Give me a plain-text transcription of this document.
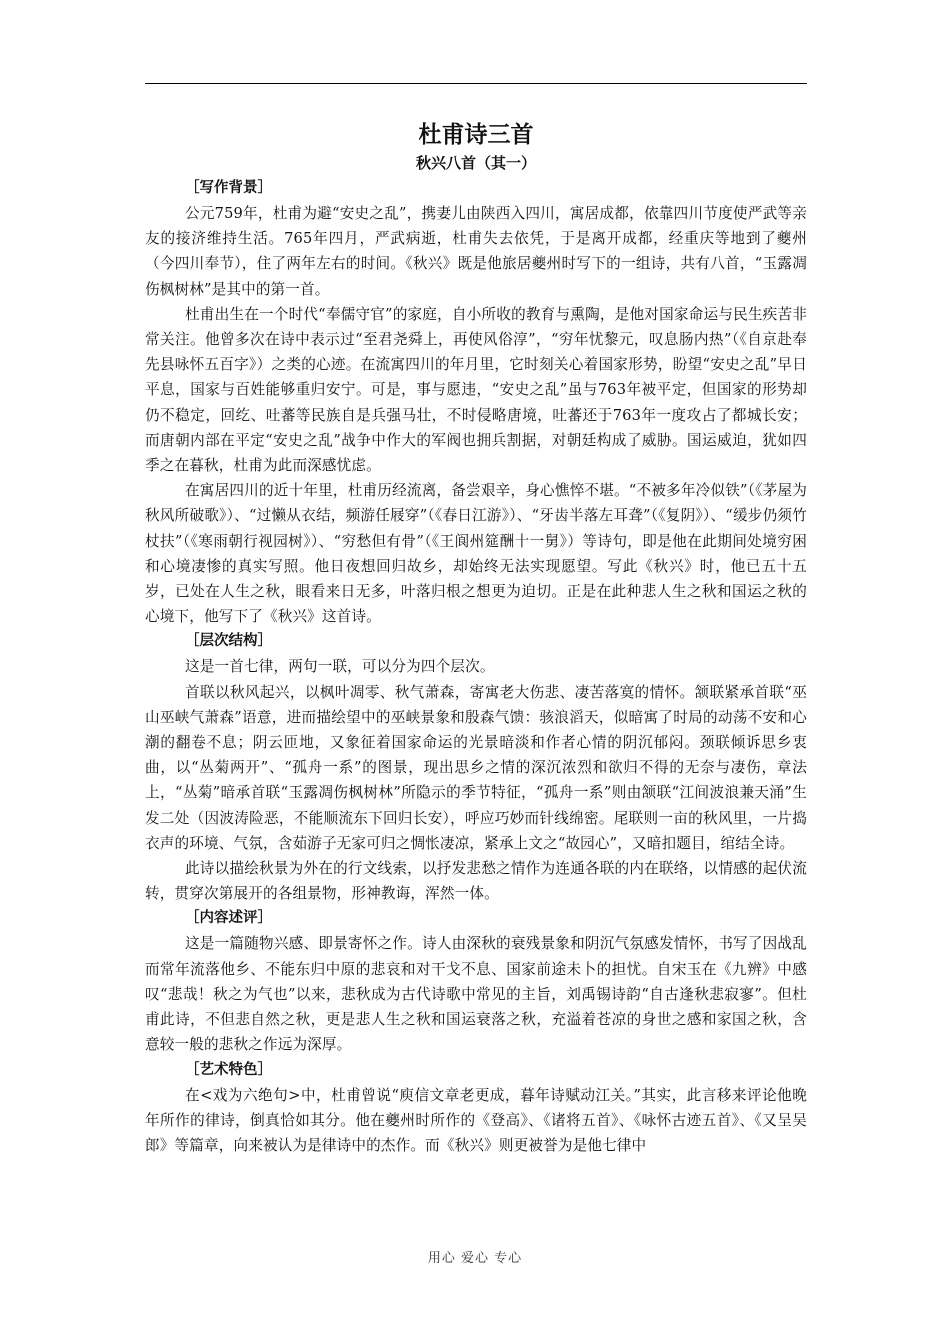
杜甫诗三首
秋兴八首（其一）

［写作背景］

公元759年，杜甫为避“安史之乱”，携妻儿由陕西入四川，寓居成都，依靠四川节度使严武等亲友的接济维持生活。765年四月，严武病逝，杜甫失去依凭，于是离开成都，经重庆等地到了夔州（今四川奉节），住了两年左右的时间。《秋兴》既是他旅居夔州时写下的一组诗，共有八首，“玉露凋伤枫树林”是其中的第一首。

杜甫出生在一个时代“奉儒守官”的家庭，自小所收的教育与熏陶，是他对国家命运与民生疾苦非常关注。他曾多次在诗中表示过“至君尧舜上，再使风俗淳”，“穷年忧黎元，叹息肠内热”（《自京赴奉先县咏怀五百字》）之类的心迹。在流寓四川的年月里，它时刻关心着国家形势，盼望“安史之乱”早日平息，国家与百姓能够重归安宁。可是，事与愿违，“安史之乱”虽与763年被平定，但国家的形势却仍不稳定，回纥、吐蕃等民族自是兵强马壮，不时侵略唐境，吐蕃还于763年一度攻占了都城长安；而唐朝内部在平定“安史之乱”战争中作大的军阀也拥兵割据，对朝廷构成了威胁。国运威迫，犹如四季之在暮秋，杜甫为此而深感忧虑。

在寓居四川的近十年里，杜甫历经流离，备尝艰辛，身心憔悴不堪。“不被多年冷似铁”（《茅屋为秋风所破歌》）、“过懒从衣结，频游任屐穿”（《春日江游》）、“牙齿半落左耳聋”（《复阴》）、“缓步仍须竹杖扶”（《寒雨朝行视园树》）、“穷愁但有骨”（《王阆州筵酬十一舅》）等诗句，即是他在此期间处境穷困和心境凄惨的真实写照。他日夜想回归故乡，却始终无法实现愿望。写此《秋兴》时，他已五十五岁，已处在人生之秋，眼看来日无多，叶落归根之想更为迫切。正是在此种悲人生之秋和国运之秋的心境下，他写下了《秋兴》这首诗。

［层次结构］

这是一首七律，两句一联，可以分为四个层次。

首联以秋风起兴，以枫叶凋零、秋气萧森，寄寓老大伤悲、凄苦落寞的情怀。颔联紧承首联“巫山巫峡气萧森”语意，进而描绘望中的巫峡景象和殷森气馈：骇浪滔天，似暗寓了时局的动荡不安和心潮的翻卷不息；阴云匝地，又象征着国家命运的光景暗淡和作者心情的阴沉郁闷。颈联倾诉思乡衷曲，以“丛菊两开”、“孤舟一系”的图景，现出思乡之情的深沉浓烈和欲归不得的无奈与凄伤，章法上，“丛菊”暗承首联“玉露凋伤枫树林”所隐示的季节特征，“孤舟一系”则由颔联“江间波浪兼天涌”生发二处（因波涛险恶，不能顺流东下回归长安），呼应巧妙而针线绵密。尾联则一亩的秋风里，一片捣衣声的环境、气氛，含茹游子无家可归之惆怅凄凉，紧承上文之“故园心”，又暗扣题目，绾结全诗。

此诗以描绘秋景为外在的行文线索，以抒发悲愁之情作为连通各联的内在联络，以情感的起伏流转，贯穿次第展开的各组景物，形神教诲，浑然一体。

［内容述评］

这是一篇随物兴感、即景寄怀之作。诗人由深秋的衰残景象和阴沉气氛感发情怀，书写了因战乱而常年流落他乡、不能东归中原的悲哀和对干戈不息、国家前途未卜的担忧。自宋玉在《九辨》中感叹“悲哉！秋之为气也”以来，悲秋成为古代诗歌中常见的主旨，刘禹锡诗韵“自古逢秋悲寂寥”。但杜甫此诗，不但悲自然之秋，更是悲人生之秋和国运衰落之秋，充溢着苍凉的身世之感和家国之秋，含意较一般的悲秋之作远为深厚。

［艺术特色］

在<戏为六绝句>中，杜甫曾说“庾信文章老更成，暮年诗赋动江关。”其实，此言移来评论他晚年所作的律诗，倒真恰如其分。他在夔州时所作的《登高》、《诸将五首》、《咏怀古迹五首》、《又呈吴郎》等篇章，向来被认为是律诗中的杰作。而《秋兴》则更被誉为是他七律中

用心 爱心 专心
